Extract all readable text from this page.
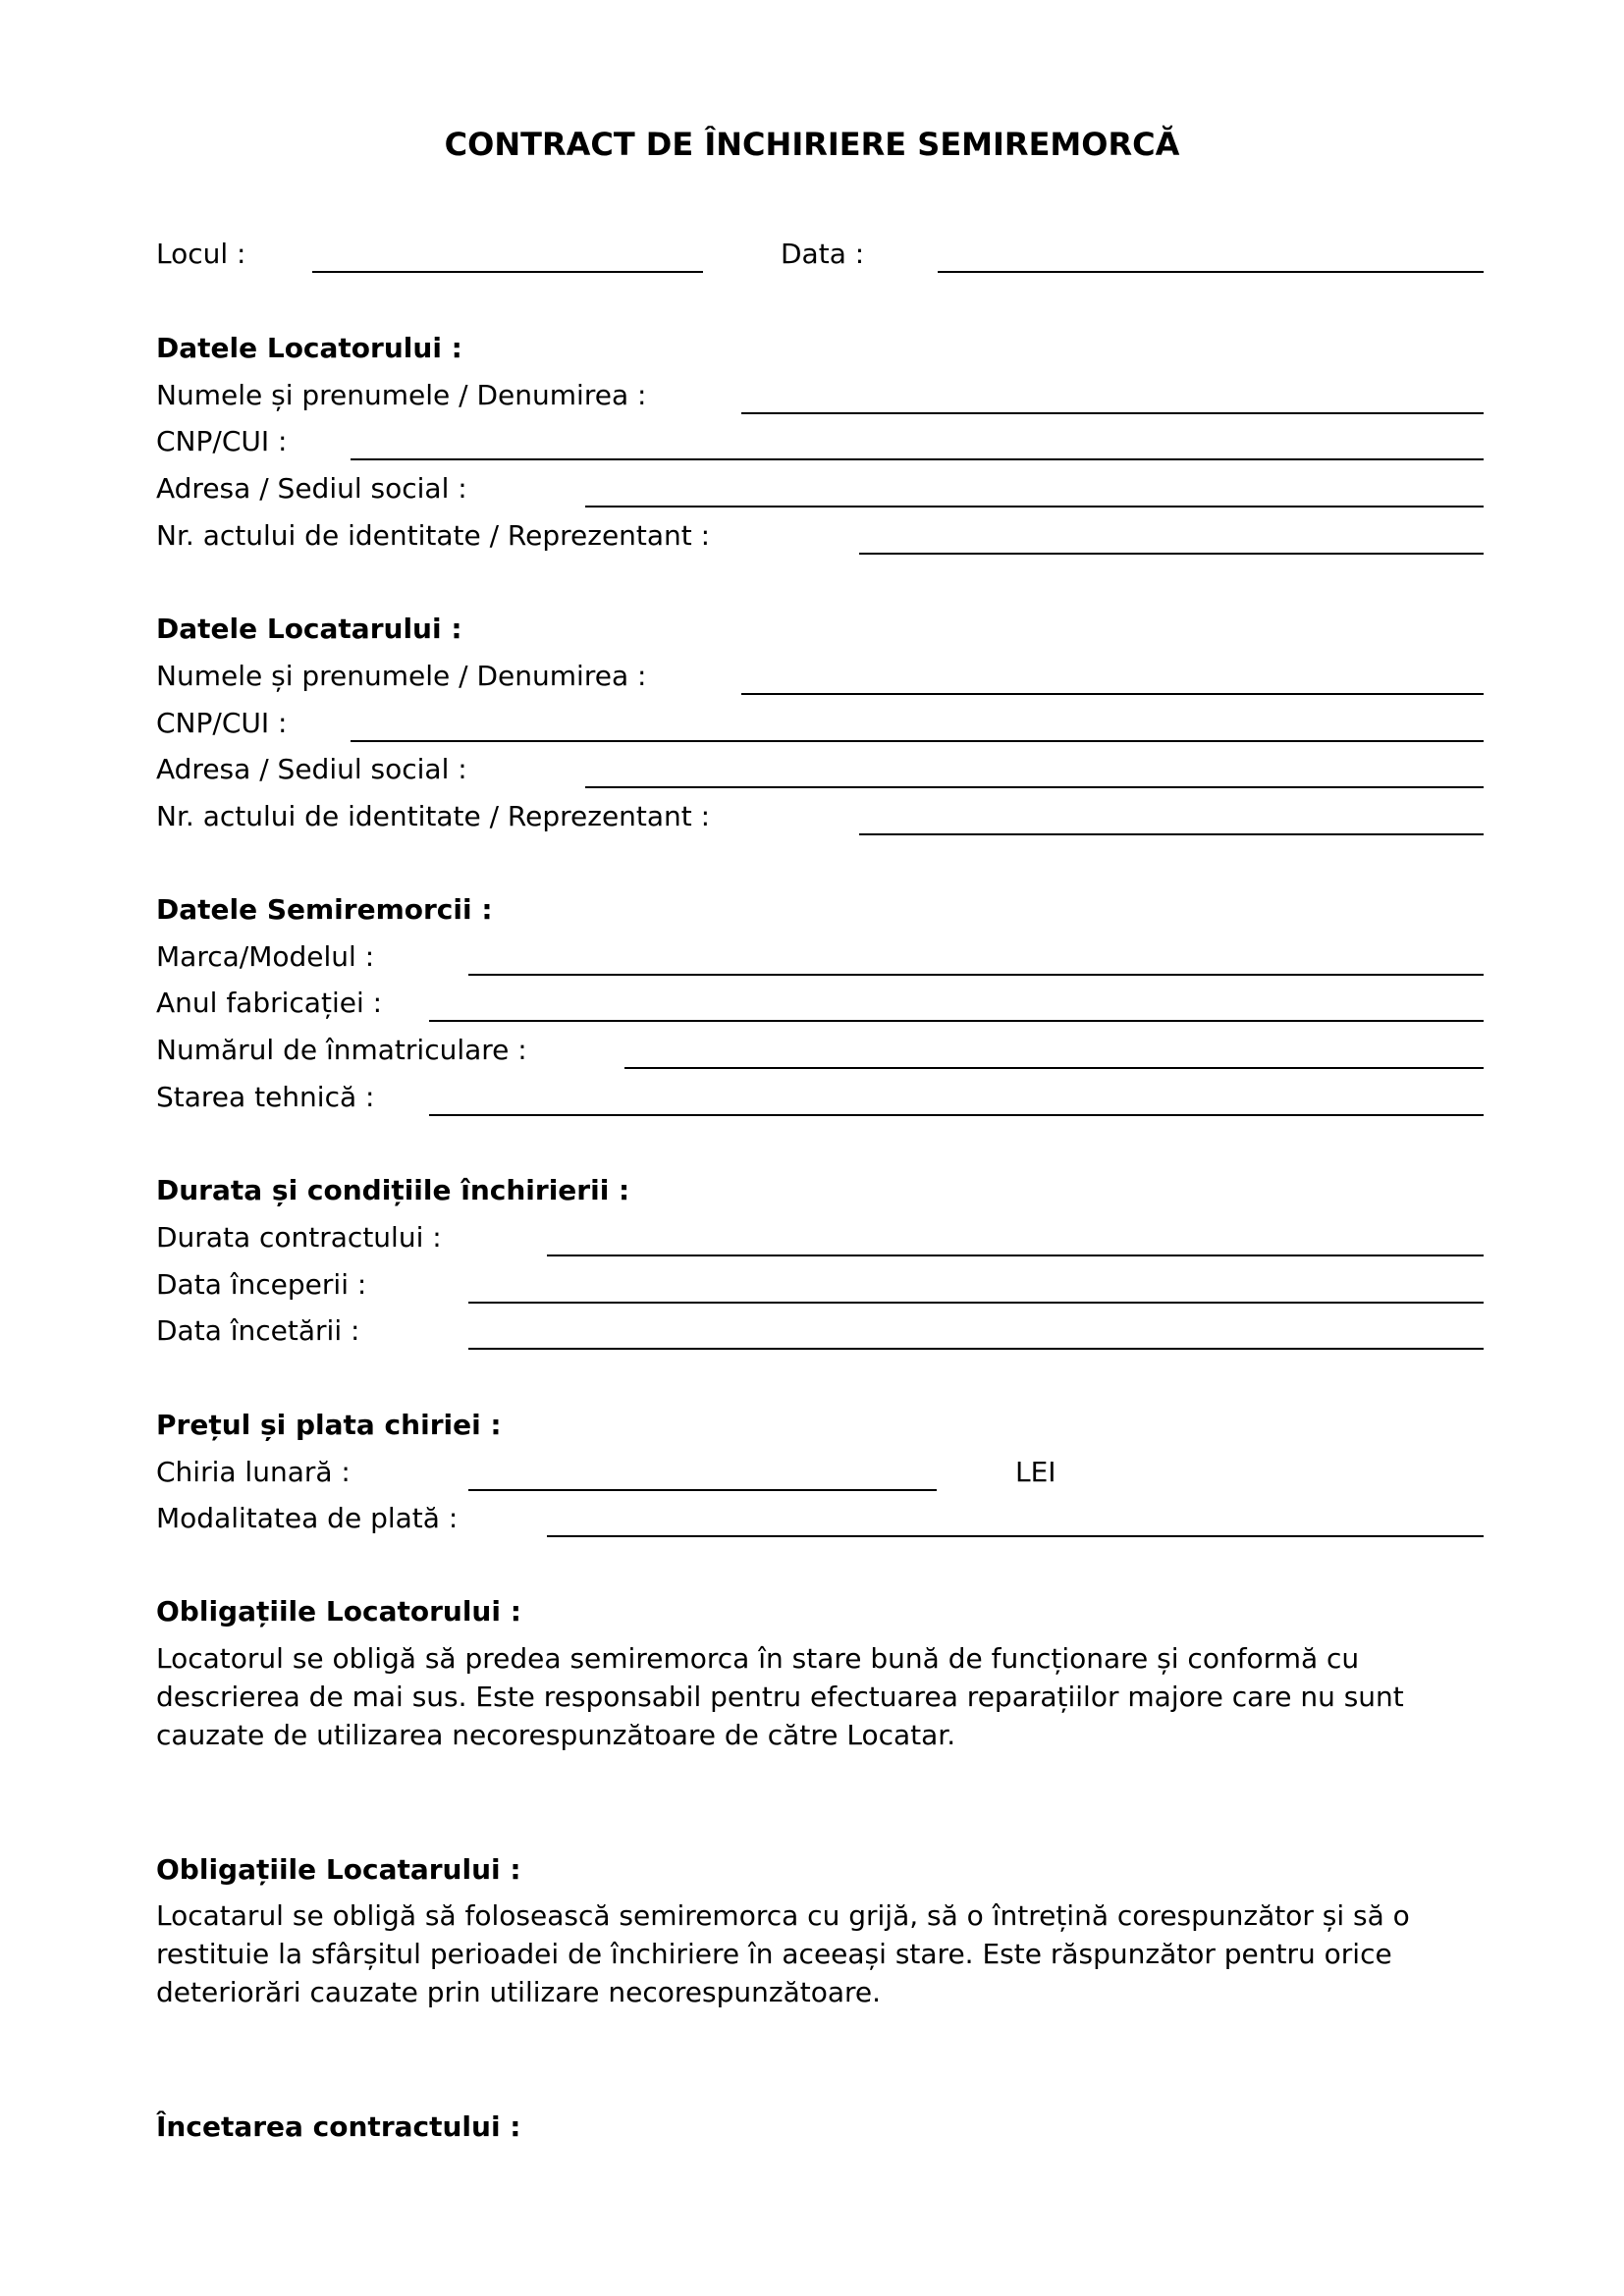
CONTRACT DE ÎNCHIRIERE SEMIREMORCĂ
Locul :	Data :
Datele Locatorului :
Numele și prenumele / Denumirea :
CNP/CUI :
Adresa / Sediul social :
Nr. actului de identitate / Reprezentant :
Datele Locatarului :
Numele și prenumele / Denumirea :
CNP/CUI :
Adresa / Sediul social :
Nr. actului de identitate / Reprezentant :
Datele Semiremorcii :
Marca/Modelul :
Anul fabricației :
Numărul de înmatriculare :
Starea tehnică :
Durata și condițiile închirierii :
Durata contractului :
Data începerii :
Data încetării :
Prețul și plata chiriei :
Chiria lunară :	LEI
Modalitatea de plată :
Obligațiile Locatorului :
Locatorul se obligă să predea semiremorca în stare bună de funcționare și conformă cu descrierea de mai sus. Este responsabil pentru efectuarea reparațiilor majore care nu sunt cauzate de utilizarea necorespunzătoare de către Locatar.
Obligațiile Locatarului :
Locatarul se obligă să folosească semiremorca cu grijă, să o întrețină corespunzător și să o restituie la sfârșitul perioadei de închiriere în aceeași stare. Este răspunzător pentru orice deteriorări cauzate prin utilizare necorespunzătoare.
Încetarea contractului :
